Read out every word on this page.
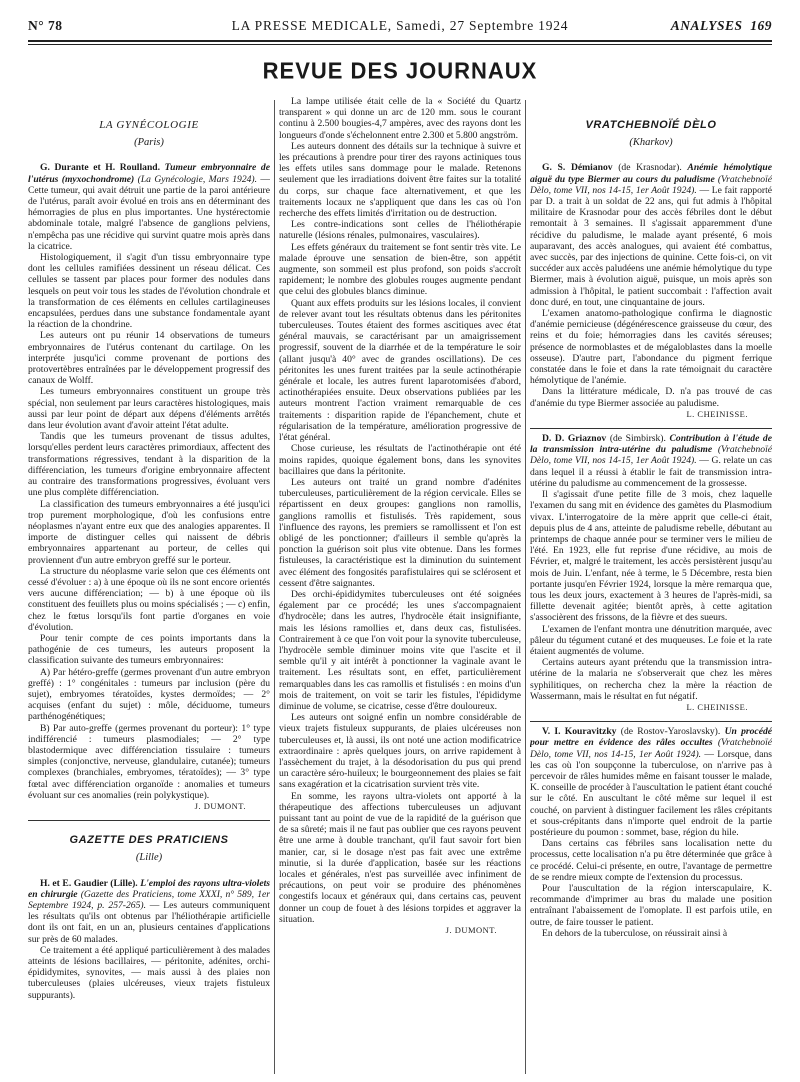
N° 78	LA PRESSE MEDICALE, Samedi, 27 Septembre 1924	ANALYSES 169
REVUE DES JOURNAUX
LA GYNÉCOLOGIE
(Paris)

G. Durante et H. Roulland. Tumeur embryonnaire de l'utérus (myxochondrome) (La Gynécologie, Mars 1924). — Cette tumeur, qui avait détruit une partie de la paroi antérieure de l'utérus, paraît avoir évolué en trois ans en déterminant des hémorragies de plus en plus importantes. Une hystérectomie abdominale totale, malgré l'absence de ganglions pelviens, n'empêcha pas une récidive qui survint quatre mois après dans la cicatrice.

Histologiquement, il s'agit d'un tissu embryonnaire type dont les cellules ramifiées dessinent un réseau délicat. Ces cellules se tassent par places pour former des nodules dans lesquels on peut voir tous les stades de l'évolution chondrale et la transformation de ces éléments en cellules cartilagineuses encapsulées, perdues dans une substance fondamentale ayant la réaction de la chondrine.

Les auteurs ont pu réunir 14 observations de tumeurs embryonnaires de l'utérus contenant du cartilage. On les interpréte jusqu'ici comme provenant de portions des protovertèbres entraînées par le développement progressif des canaux de Wolff.

Les tumeurs embryonnaires constituent un groupe très spécial, non seulement par leurs caractères histologiques, mais aussi par leur point de départ aux dépens d'éléments arrêtés dans leur évolution avant d'avoir atteint l'état adulte.

Tandis que les tumeurs provenant de tissus adultes, lorsqu'elles perdent leurs caractères primordiaux, affectent des transformations régressives, tendant à la disparition de la différenciation, les tumeurs d'origine embryonnaire affectent au contraire des transformations progressives, évoluant vers une plus complète différenciation.

La classification des tumeurs embryonnaires a été jusqu'ici trop purement morphologique, d'où les confusions entre néoplasmes n'ayant entre eux que des analogies apparentes. Il importe de distinguer celles qui naissent de débris embryonnaires appartenant au porteur, de celles qui proviennent d'un autre embryon greffé sur le porteur.

La structure du néoplasme varie selon que ces éléments ont cessé d'évoluer : a) à une époque où ils ne sont encore orientés vers aucune différenciation; — b) à une époque où ils constituent des feuillets plus ou moins spécialisés ; — c) enfin, chez le fœtus lorsqu'ils font partie d'organes en voie d'évolution.

Pour tenir compte de ces points importants dans la pathogénie de ces tumeurs, les auteurs proposent la classification suivante des tumeurs embryonnaires:

A) Par hétéro-greffe (germes provenant d'un autre embryon greffé) : 1° congénitales : tumeurs par inclusion (père du sujet), embryomes tératoïdes, kystes dermoïdes; — 2° acquises (enfant du sujet) : môle, déciduome, tumeurs parthénogénétiques;

B) Par auto-greffe (germes provenant du porteur): 1° type indifférencié : tumeurs plasmodiales; — 2° type blastodermique avec différenciation tissulaire : tumeurs simples (conjonctive, nerveuse, glandulaire, cutanée); tumeurs complexes (branchiales, embryomes, tératoïdes); — 3° type fœtal avec différenciation organoïde : anomalies et tumeurs évoluant sur ces anomalies (rein polykystique).

J. DUMONT.
GAZETTE DES PRATICIENS
(Lille)

H. et E. Gaudier (Lille). L'emploi des rayons ultra-violets en chirurgie (Gazette des Praticiens, tome XXXI, n° 589, 1er Septembre 1924, p. 257-265). — Les auteurs communiquent les résultats qu'ils ont obtenus par l'héliothérapie artificielle dont ils ont fait, en un an, plusieurs centaines d'applications sur près de 60 malades.

Ce traitement a été appliqué particulièrement à des malades atteints de lésions bacillaires, — péritonite, adénites, orchi-épididymites, synovites, — mais aussi à des plaies non tuberculeuses (plaies ulcéreuses, vieux trajets fistuleux suppurants).

La lampe utilisée était celle de la « Société du Quartz transparent » qui donne un arc de 120 mm. sous le courant continu à 2.500 bougies-4,7 ampères, avec des rayons dont les longueurs d'onde s'échelonnent entre 2.300 et 5.800 angström.

Les auteurs donnent des détails sur la technique à suivre et les précautions à prendre pour tirer des rayons actiniques tous les effets utiles sans dommage pour le malade. Retenons seulement que les irradiations doivent être faites sur la totalité du corps, sur chaque face alternativement, et que les traitements locaux ne s'appliquent que dans les cas où l'on recherche des effets limités d'irritation ou de destruction.

Les contre-indications sont celles de l'héliothérapie naturelle (lésions rénales, pulmonaires, vasculaires).

Les effets généraux du traitement se font sentir très vite. Le malade éprouve une sensation de bien-être, son appétit augmente, son sommeil est plus profond, son poids s'accroît rapidement; le nombre des globules rouges augmente pendant que celui des globules blancs diminue.

Quant aux effets produits sur les lésions locales, il convient de relever avant tout les résultats obtenus dans les péritonites tuberculeuses. Toutes étaient des formes ascitiques avec état général mauvais, se caractérisant par un amaigrissement progressif, souvent de la diarrhée et de la température le soir (allant jusqu'à 40° avec de grandes oscillations). De ces péritonites les unes furent traitées par la seule actinothérapie générale et locale, les autres furent laparotomisées d'abord, actinothérapiées ensuite. Deux observations publiées par les auteurs montrent l'action vraiment remarquable de ces traitements : disparition rapide de l'épanchement, chute et régularisation de la température, amélioration progressive de l'état général.

Chose curieuse, les résultats de l'actinothérapie ont été moins rapides, quoique également bons, dans les synovites bacillaires que dans la péritonite.

Les auteurs ont traité un grand nombre d'adénites tuberculeuses, particulièrement de la région cervicale. Elles se répartissent en deux groupes: ganglions non ramollis, ganglions ramollis et fistulisés. Très rapidement, sous l'influence des rayons, les premiers se ramollissent et l'on est obligé de les ponctionner; d'ailleurs il semble qu'après la ponction la guérison soit plus vite obtenue. Dans les formes fistuleuses, la caractéristique est la diminution du suintement avec élément des fongosités parafistulaires qui se sclérosent et cessent d'être saignantes.

Des orchi-épididymites tuberculeuses ont été soignées également par ce procédé; les unes s'accompagnaient d'hydrocèle; dans les autres, l'hydrocèle était insignifiante, mais les lésions ramollies et, dans deux cas, fistulisées. Contrairement à ce que l'on voit pour la synovite tuberculeuse, l'hydrocèle semble diminuer moins vite que l'ascite et il semble qu'il y ait intérêt à ponctionner la vaginale avant le traitement. Les résultats sont, en effet, particulièrement remarquables dans les cas ramollis et fistulisés : en moins d'un mois de traitement, on voit se tarir les fistules, l'épididyme diminue de volume, se cicatrise, cesse d'être douloureux.

Les auteurs ont soigné enfin un nombre considérable de vieux trajets fistuleux suppurants, de plaies ulcéreuses non tuberculeuses et, là aussi, ils ont noté une action modificatrice extraordinaire : après quelques jours, on arrive rapidement à l'assèchement du trajet, à la désodorisation du pus qui prend un caractère séro-huileux; le bourgeonnement des plaies se fait sans exagération et la cicatrisation survient très vite.

En somme, les rayons ultra-violets ont apporté à la thérapeutique des affections tuberculeuses un adjuvant puissant tant au point de vue de la rapidité de la guérison que de sa sûreté; mais il ne faut pas oublier que ces rayons peuvent être une arme à double tranchant, qu'il faut savoir fort bien manier, car, si le dosage n'est pas fait avec une extrême minutie, si la durée d'application, basée sur les réactions locales et générales, n'est pas surveillée avec infiniment de précautions, on peut voir se produire des phénomènes congestifs locaux et généraux qui, dans certains cas, peuvent donner un coup de fouet à des lésions torpides et aggraver la situation.

J. DUMONT.
VRATCHEBNOÏÉ DÈLO
(Kharkov)

G. S. Démianov (de Krasnodar). Anémie hémolytique aiguë du type Biermer au cours du paludisme (Vratchebnoïé Dèlo, tome VII, nos 14-15, 1er Août 1924). — Le fait rapporté par D. a trait à un soldat de 22 ans, qui fut admis à l'hôpital militaire de Krasnodar pour des accès fébriles dont le début remontait à 3 semaines. Il s'agissait apparemment d'une récidive du paludisme, le malade ayant présenté, 6 mois auparavant, des accès analogues, qui avaient été combattus, avec succès, par des injections de quinine. Cette fois-ci, on vit succéder aux accès paludéens une anémie hémolytique du type Biermer, mais à évolution aiguë, puisque, un mois après son admission à l'hôpital, le patient succombait : l'affection avait donc duré, en tout, une cinquantaine de jours.

L'examen anatomo-pathologique confirma le diagnostic d'anémie pernicieuse (dégénérescence graisseuse du cœur, des reins et du foie; hémorragies dans les cavités séreuses; présence de normoblastes et de mégaloblastes dans la moelle osseuse). D'autre part, l'abondance du pigment ferrique constatée dans le foie et dans la rate témoignait du caractère hémolytique de l'anémie.

Dans la littérature médicale, D. n'a pas trouvé de cas d'anémie du type Biermer associée au paludisme.

L. CHEINISSE.

D. D. Griaznov (de Simbirsk). Contribution à l'étude de la transmission intra-utérine du paludisme (Vratchebnoïé Dèlo, tome VII, nos 14-15, 1er Août 1924). — G. relate un cas dans lequel il a réussi à établir le fait de transmission intra-utérine du paludisme au commencement de la grossesse.

Il s'agissait d'une petite fille de 3 mois, chez laquelle l'examen du sang mit en évidence des gamètes du Plasmodium vivax. L'interrogatoire de la mère apprit que celle-ci était, depuis plus de 4 ans, atteinte de paludisme rebelle, débutant au printemps de chaque année pour se terminer vers le milieu de l'été. En 1923, elle fut reprise d'une récidive, au mois de Février, et, malgré le traitement, les accès persistèrent jusqu'au mois de Juin. L'enfant, née à terme, le 5 Décembre, resta bien portante jusqu'en Février 1924, lorsque la mère remarqua que, tous les deux jours, exactement à 3 heures de l'après-midi, sa fillette devenait agitée; bientôt après, à cette agitation s'associèrent des frissons, de la fièvre et des sueurs.

L'examen de l'enfant montra une dénutrition marquée, avec pâleur du tégument cutané et des muqueuses. Le foie et la rate étaient augmentés de volume.

Certains auteurs ayant prétendu que la transmission intra-utérine de la malaria ne s'observerait que chez les mères syphilitiques, on rechercha chez la mère la réaction de Wassermann, mais le résultat en fut négatif.

L. CHEINISSE.

V. I. Kouravitzky (de Rostov-Yaroslavsky). Un procédé pour mettre en évidence des râles occultes (Vratchebnoïé Dèlo, tome VII, nos 14-15, 1er Août 1924). — Lorsque, dans les cas où l'on soupçonne la tuberculose, on n'arrive pas à percevoir de râles humides même en faisant tousser le malade, K. conseille de procéder à l'auscultation le patient étant couché sur le côté. En auscultant le côté même sur lequel il est couché, on parvient à distinguer facilement les râles crépitants et sous-crépitants dans n'importe quel endroit de la partie postérieure du poumon : sommet, base, région du hile.

Dans certains cas fébriles sans localisation nette du processus, cette localisation n'a pu être déterminée que grâce à ce procédé. Celui-ci présente, en outre, l'avantage de permettre de se rendre mieux compte de l'extension du processus.

Pour l'auscultation de la région interscapulaire, K. recommande d'imprimer au bras du malade une position entraînant l'abaissement de l'omoplate. Il est parfois utile, en outre, de faire tousser le patient.

En dehors de la tuberculose, on réussirait ainsi à
